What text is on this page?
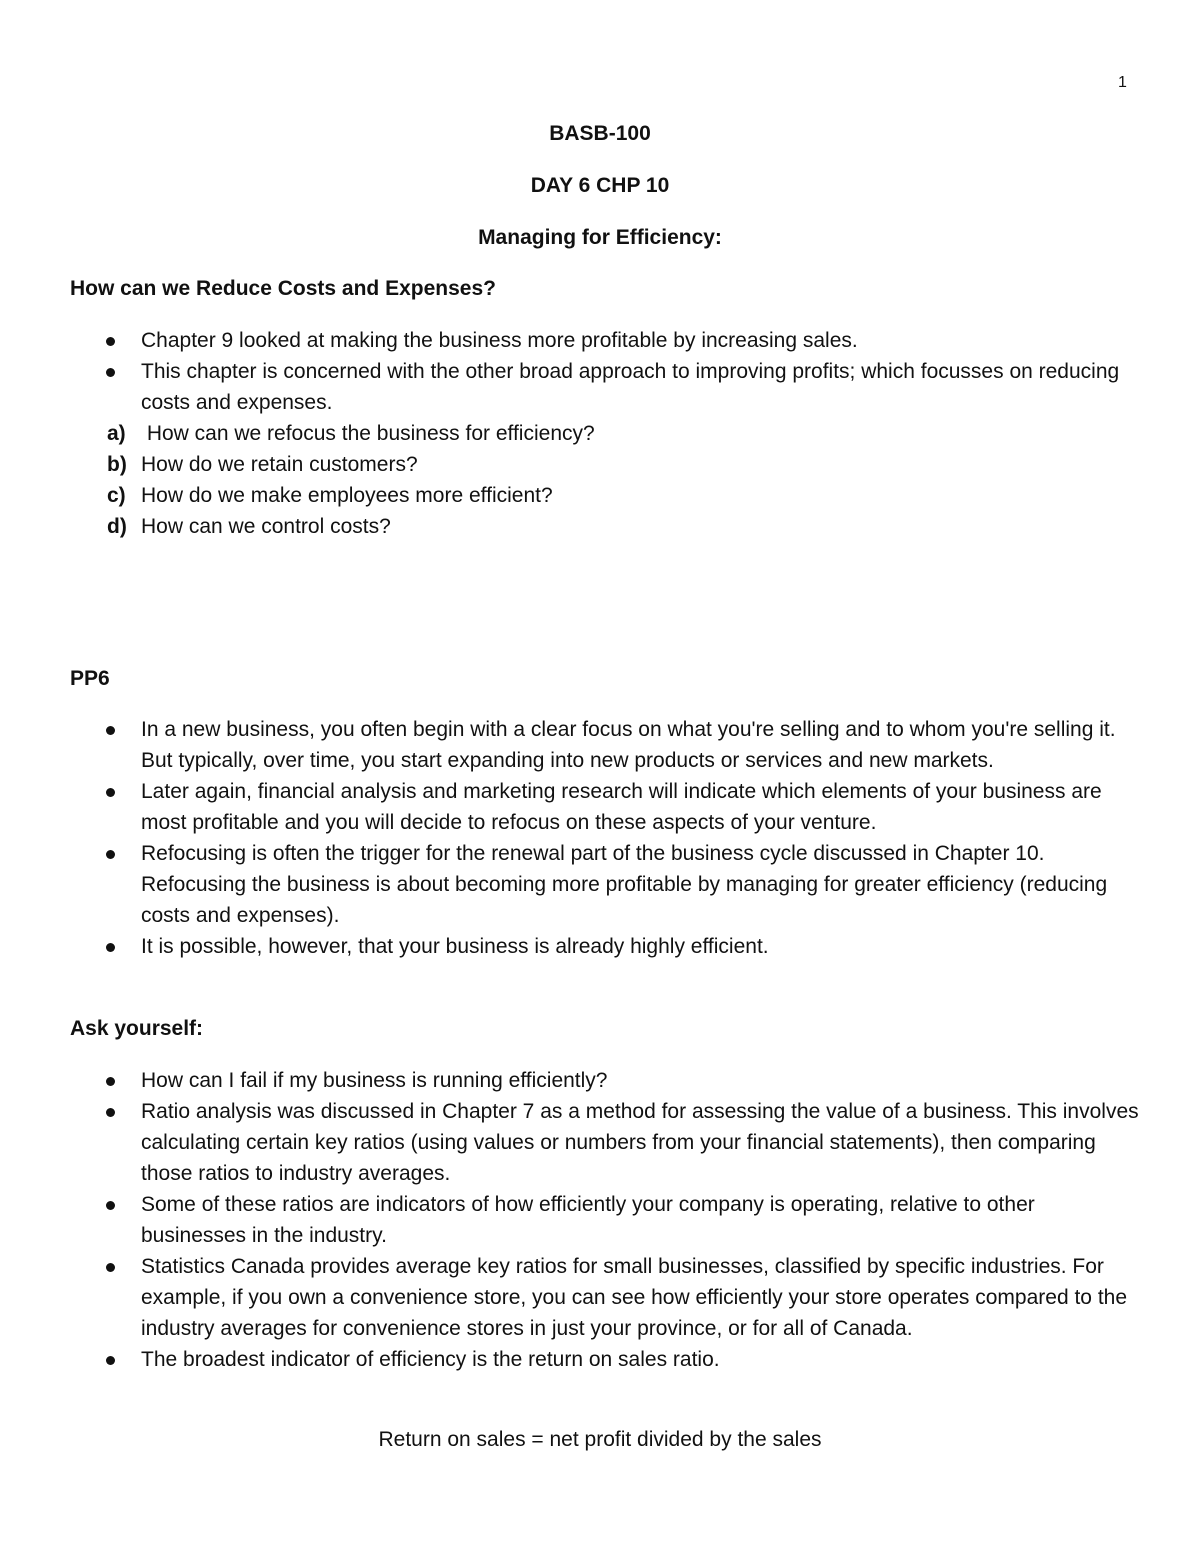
1
BASB-100
DAY 6 CHP 10
Managing for Efficiency:
How can we Reduce Costs and Expenses?
Chapter 9 looked at making the business more profitable by increasing sales.
This chapter is concerned with the other broad approach to improving profits; which focusses on reducing costs and expenses.
a) How can we refocus the business for efficiency?
b) How do we retain customers?
c) How do we make employees more efficient?
d) How can we control costs?
PP6
In a new business, you often begin with a clear focus on what you're selling and to whom you're selling it. But typically, over time, you start expanding into new products or services and new markets.
Later again, financial analysis and marketing research will indicate which elements of your business are most profitable and you will decide to refocus on these aspects of your venture.
Refocusing is often the trigger for the renewal part of the business cycle discussed in Chapter 10. Refocusing the business is about becoming more profitable by managing for greater efficiency (reducing costs and expenses).
It is possible, however, that your business is already highly efficient.
Ask yourself:
How can I fail if my business is running efficiently?
Ratio analysis was discussed in Chapter 7 as a method for assessing the value of a business. This involves calculating certain key ratios (using values or numbers from your financial statements), then comparing those ratios to industry averages.
Some of these ratios are indicators of how efficiently your company is operating, relative to other businesses in the industry.
Statistics Canada provides average key ratios for small businesses, classified by specific industries. For example, if you own a convenience store, you can see how efficiently your store operates compared to the industry averages for convenience stores in just your province, or for all of Canada.
The broadest indicator of efficiency is the return on sales ratio.
Return on sales = net profit divided by the sales
